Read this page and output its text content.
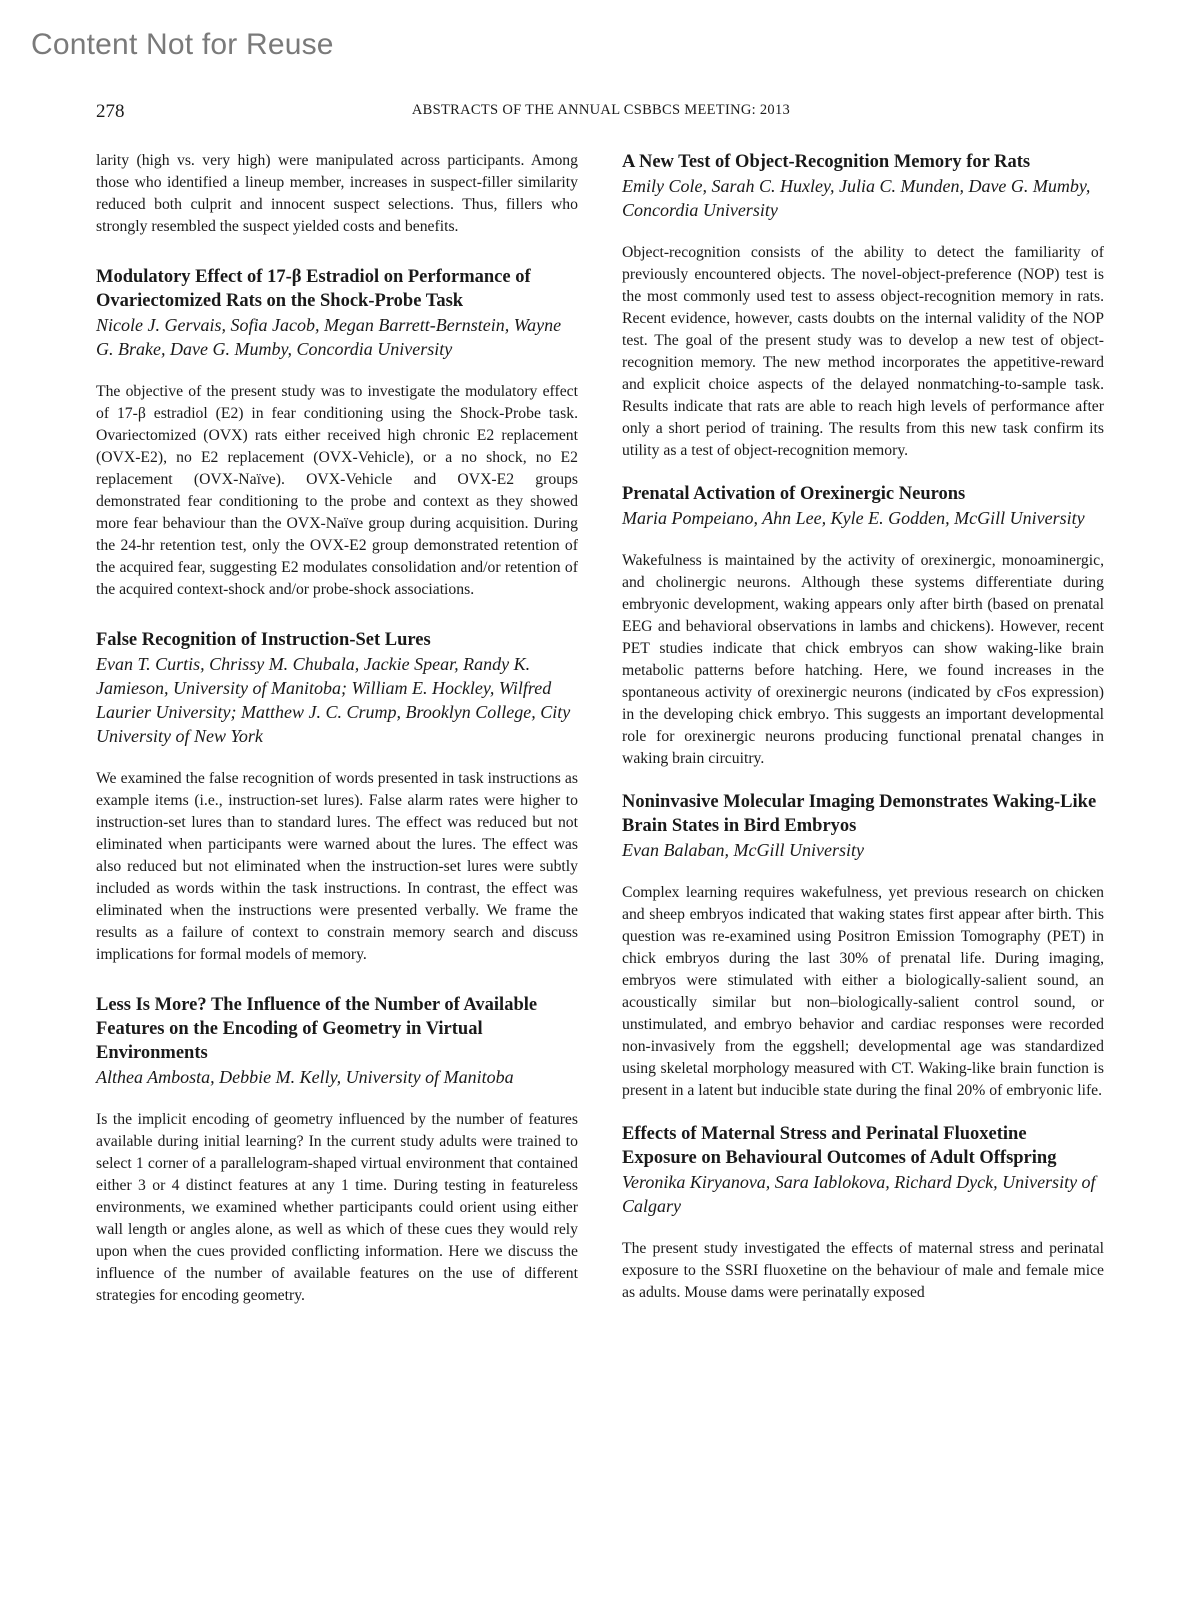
Content Not for Reuse
278	ABSTRACTS OF THE ANNUAL CSBBCS MEETING: 2013

larity (high vs. very high) were manipulated across participants. Among those who identified a lineup member, increases in suspect-filler similarity reduced both culprit and innocent suspect selections. Thus, fillers who strongly resembled the suspect yielded costs and benefits.

Modulatory Effect of 17-β Estradiol on Performance of Ovariectomized Rats on the Shock-Probe Task

Nicole J. Gervais, Sofia Jacob, Megan Barrett-Bernstein, Wayne G. Brake, Dave G. Mumby, Concordia University

The objective of the present study was to investigate the modulatory effect of 17-β estradiol (E2) in fear conditioning using the Shock-Probe task. Ovariectomized (OVX) rats either received high chronic E2 replacement (OVX-E2), no E2 replacement (OVX-Vehicle), or a no shock, no E2 replacement (OVX-Naïve). OVX-Vehicle and OVX-E2 groups demonstrated fear conditioning to the probe and context as they showed more fear behaviour than the OVX-Naïve group during acquisition. During the 24-hr retention test, only the OVX-E2 group demonstrated retention of the acquired fear, suggesting E2 modulates consolidation and/or retention of the acquired context-shock and/or probe-shock associations.

False Recognition of Instruction-Set Lures

Evan T. Curtis, Chrissy M. Chubala, Jackie Spear, Randy K. Jamieson, University of Manitoba; William E. Hockley, Wilfred Laurier University; Matthew J. C. Crump, Brooklyn College, City University of New York

We examined the false recognition of words presented in task instructions as example items (i.e., instruction-set lures). False alarm rates were higher to instruction-set lures than to standard lures. The effect was reduced but not eliminated when participants were warned about the lures. The effect was also reduced but not eliminated when the instruction-set lures were subtly included as words within the task instructions. In contrast, the effect was eliminated when the instructions were presented verbally. We frame the results as a failure of context to constrain memory search and discuss implications for formal models of memory.

Less Is More? The Influence of the Number of Available Features on the Encoding of Geometry in Virtual Environments

Althea Ambosta, Debbie M. Kelly, University of Manitoba

Is the implicit encoding of geometry influenced by the number of features available during initial learning? In the current study adults were trained to select 1 corner of a parallelogram-shaped virtual environment that contained either 3 or 4 distinct features at any 1 time. During testing in featureless environments, we examined whether participants could orient using either wall length or angles alone, as well as which of these cues they would rely upon when the cues provided conflicting information. Here we discuss the influence of the number of available features on the use of different strategies for encoding geometry.

A New Test of Object-Recognition Memory for Rats

Emily Cole, Sarah C. Huxley, Julia C. Munden, Dave G. Mumby, Concordia University

Object-recognition consists of the ability to detect the familiarity of previously encountered objects. The novel-object-preference (NOP) test is the most commonly used test to assess object-recognition memory in rats. Recent evidence, however, casts doubts on the internal validity of the NOP test. The goal of the present study was to develop a new test of object-recognition memory. The new method incorporates the appetitive-reward and explicit choice aspects of the delayed nonmatching-to-sample task. Results indicate that rats are able to reach high levels of performance after only a short period of training. The results from this new task confirm its utility as a test of object-recognition memory.

Prenatal Activation of Orexinergic Neurons

Maria Pompeiano, Ahn Lee, Kyle E. Godden, McGill University

Wakefulness is maintained by the activity of orexinergic, monoaminergic, and cholinergic neurons. Although these systems differentiate during embryonic development, waking appears only after birth (based on prenatal EEG and behavioral observations in lambs and chickens). However, recent PET studies indicate that chick embryos can show waking-like brain metabolic patterns before hatching. Here, we found increases in the spontaneous activity of orexinergic neurons (indicated by cFos expression) in the developing chick embryo. This suggests an important developmental role for orexinergic neurons producing functional prenatal changes in waking brain circuitry.

Noninvasive Molecular Imaging Demonstrates Waking-Like Brain States in Bird Embryos

Evan Balaban, McGill University

Complex learning requires wakefulness, yet previous research on chicken and sheep embryos indicated that waking states first appear after birth. This question was re-examined using Positron Emission Tomography (PET) in chick embryos during the last 30% of prenatal life. During imaging, embryos were stimulated with either a biologically-salient sound, an acoustically similar but non–biologically-salient control sound, or unstimulated, and embryo behavior and cardiac responses were recorded non-invasively from the eggshell; developmental age was standardized using skeletal morphology measured with CT. Waking-like brain function is present in a latent but inducible state during the final 20% of embryonic life.

Effects of Maternal Stress and Perinatal Fluoxetine Exposure on Behavioural Outcomes of Adult Offspring

Veronika Kiryanova, Sara Iablokova, Richard Dyck, University of Calgary

The present study investigated the effects of maternal stress and perinatal exposure to the SSRI fluoxetine on the behaviour of male and female mice as adults. Mouse dams were perinatally exposed
